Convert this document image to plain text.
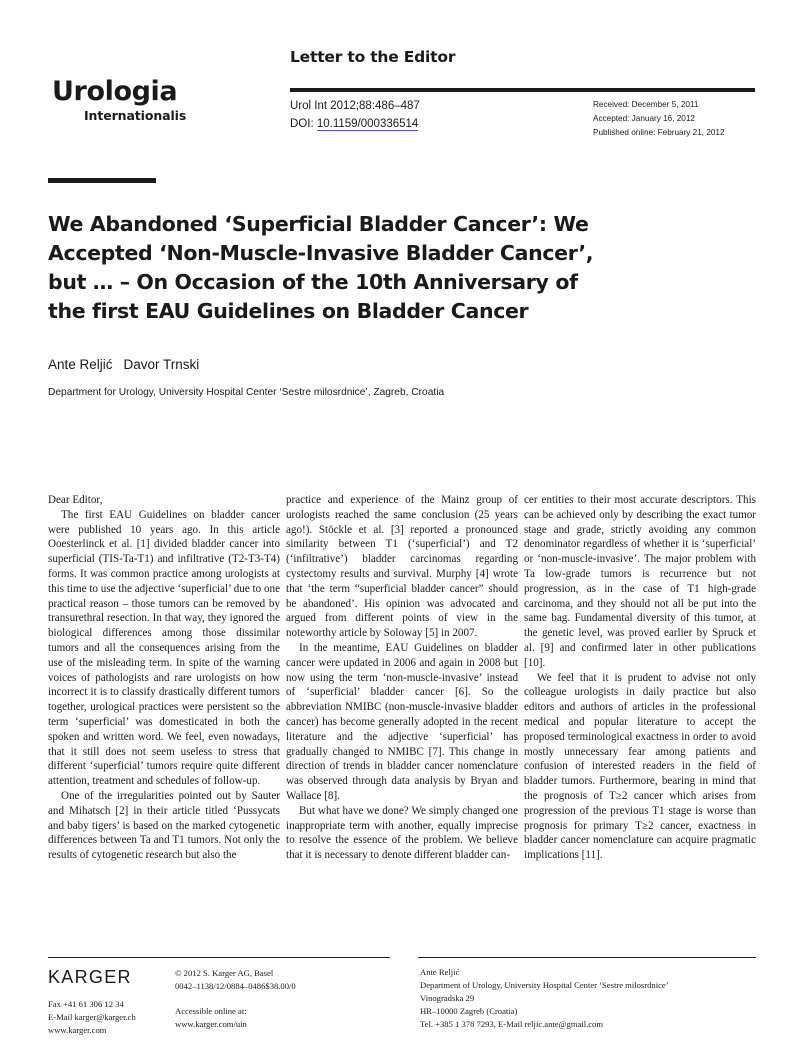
Urologia
Internationalis
Letter to the Editor
Urol Int 2012;88:486–487
DOI: 10.1159/000336514
Received: December 5, 2011
Accepted: January 16, 2012
Published online: February 21, 2012
We Abandoned ‘Superficial Bladder Cancer’: We Accepted ‘Non-Muscle-Invasive Bladder Cancer’, but … – On Occasion of the 10th Anniversary of the first EAU Guidelines on Bladder Cancer
Ante Reljić Davor Trnski
Department for Urology, University Hospital Center ‘Sestre milosrdnice’, Zagreb, Croatia

Dear Editor,

The first EAU Guidelines on bladder cancer were published 10 years ago. In this article Ooesterlinck et al. [1] divided bladder cancer into superficial (TIS-Ta-T1) and infiltrative (T2-T3-T4) forms. It was common practice among urologists at this time to use the adjective ‘superficial’ due to one practical reason – those tumors can be removed by transurethral resection. In that way, they ignored the biological differences among those dissimilar tumors and all the consequences arising from the use of the misleading term. In spite of the warning voices of pathologists and rare urologists on how incorrect it is to classify drastically different tumors together, urological practices were persistent so the term ‘superficial’ was domesticated in both the spoken and written word. We feel, even nowadays, that it still does not seem useless to stress that different ‘superficial’ tumors require quite different attention, treatment and schedules of follow-up.

One of the irregularities pointed out by Sauter and Mihatsch [2] in their article titled ‘Pussycats and baby tigers’ is based on the marked cytogenetic differences between Ta and T1 tumors. Not only the results of cytogenetic research but also the

practice and experience of the Mainz group of urologists reached the same conclusion (25 years ago!). Stöckle et al. [3] reported a pronounced similarity between T1 (‘superficial’) and T2 (‘infiltrative’) bladder carcinomas regarding cystectomy results and survival. Murphy [4] wrote that ‘the term “superficial bladder cancer” should be abandoned’. His opinion was advocated and argued from different points of view in the noteworthy article by Soloway [5] in 2007.

In the meantime, EAU Guidelines on bladder cancer were updated in 2006 and again in 2008 but now using the term ‘non-muscle-invasive’ instead of ‘superficial’ bladder cancer [6]. So the abbreviation NMIBC (non-muscle-invasive bladder cancer) has become generally adopted in the recent literature and the adjective ‘superficial’ has gradually changed to NMIBC [7]. This change in direction of trends in bladder cancer nomenclature was observed through data analysis by Bryan and Wallace [8].

But what have we done? We simply changed one inappropriate term with another, equally imprecise to resolve the essence of the problem. We believe that it is necessary to denote different bladder can-

cer entities to their most accurate descriptors. This can be achieved only by describing the exact tumor stage and grade, strictly avoiding any common denominator regardless of whether it is ‘superficial’ or ‘non-muscle-invasive’. The major problem with Ta low-grade tumors is recurrence but not progression, as in the case of T1 high-grade carcinoma, and they should not all be put into the same bag. Fundamental diversity of this tumor, at the genetic level, was proved earlier by Spruck et al. [9] and confirmed later in other publications [10].

We feel that it is prudent to advise not only colleague urologists in daily practice but also editors and authors of articles in the professional medical and popular literature to accept the proposed terminological exactness in order to avoid mostly unnecessary fear among patients and confusion of interested readers in the field of bladder tumors. Furthermore, bearing in mind that the prognosis of T≥2 cancer which arises from progression of the previous T1 stage is worse than prognosis for primary T≥2 cancer, exactness in bladder cancer nomenclature can acquire pragmatic implications [11].

KARGER
Fax +41 61 306 12 34
E-Mail karger@karger.ch
www.karger.com
© 2012 S. Karger AG, Basel
0042–1138/12/0884–0486$38.00/0
Accessible online at:
www.karger.com/uin
Ante Reljić
Department of Urology, University Hospital Center ‘Sestre milosrdnice’
Vinogradska 29
HR–10000 Zagreb (Croatia)
Tel. +385 1 378 7293, E-Mail reljic.ante@gmail.com
